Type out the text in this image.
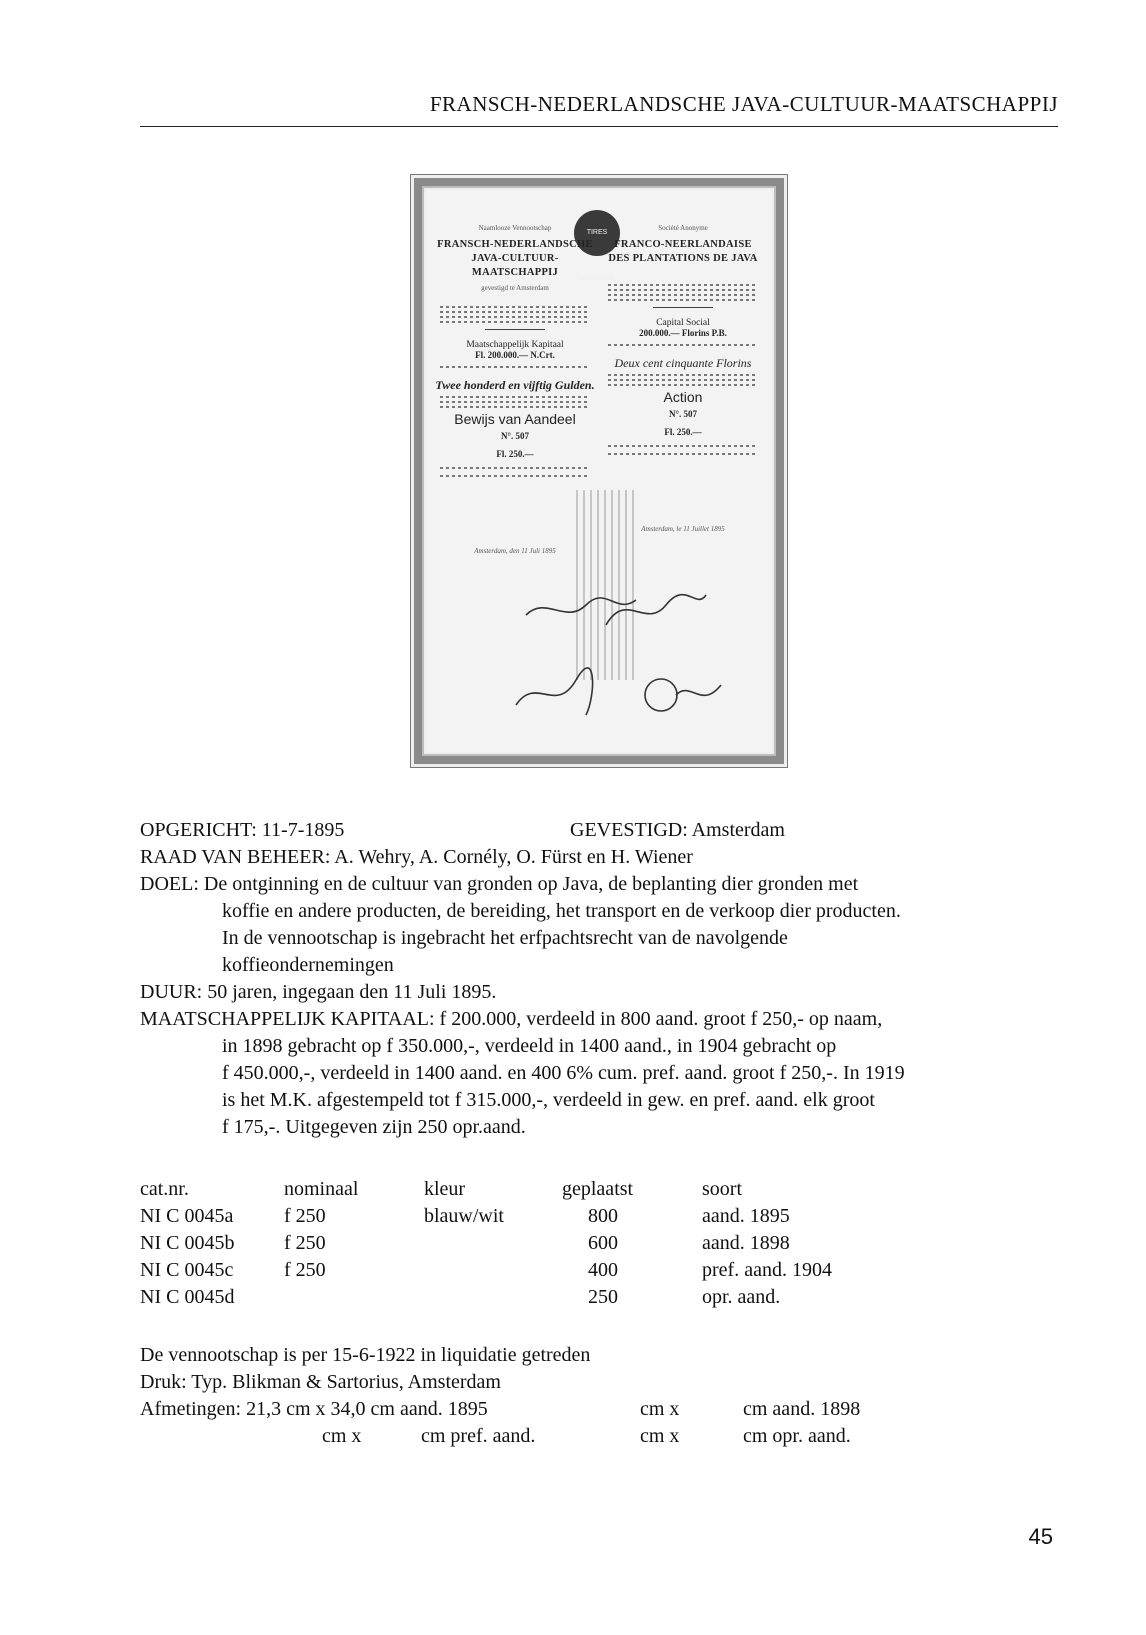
FRANSCH-NEDERLANDSCHE JAVA-CULTUUR-MAATSCHAPPIJ
TIRES ANNULES
Naamlooze Vennootschap
FRANSCH-NEDERLANDSCHE
JAVA-CULTUUR-MAATSCHAPPIJ
gevestigd te Amsterdam
Maatschappelijk Kapitaal
Fl. 200.000.— N.Crt.
Twee honderd en vijftig Gulden.
Bewijs van Aandeel
N°. 507
Fl. 250.—
Amsterdam, den 11 Juli 1895
Société Anonyme
FRANCO-NEERLANDAISE
DES PLANTATIONS DE JAVA
Capital Social
200.000.— Florins P.B.
Deux cent cinquante Florins
Action
N°. 507
Fl. 250.—
Amsterdam, le 11 Juillet 1895
OPGERICHT: 11-7-1895	GEVESTIGD: Amsterdam
RAAD VAN BEHEER: A. Wehry, A. Cornély, O. Fürst en H. Wiener
DOEL: De ontginning en de cultuur van gronden op Java, de beplanting dier gronden met
koffie en andere producten, de bereiding, het transport en de verkoop dier producten.
In de vennootschap is ingebracht het erfpachtsrecht van de navolgende
koffieondernemingen
DUUR: 50 jaren, ingegaan den 11 Juli 1895.
MAATSCHAPPELIJK KAPITAAL: f 200.000, verdeeld in 800 aand. groot f 250,- op naam,
in 1898 gebracht op f 350.000,-, verdeeld in 1400 aand., in 1904 gebracht op
f 450.000,-, verdeeld in 1400 aand. en 400 6% cum. pref. aand. groot f 250,-. In 1919
is het M.K. afgestempeld tot f 315.000,-, verdeeld in gew. en pref. aand. elk groot
f 175,-. Uitgegeven zijn 250 opr.aand.
cat.nr.	nominaal	kleur	geplaatst	soort
NI C 0045a	f 250	blauw/wit	800	aand. 1895
NI C 0045b	f 250		600	aand. 1898
NI C 0045c	f 250		400	pref. aand. 1904
NI C 0045d			250	opr. aand.
De vennootschap is per 15-6-1922 in liquidatie getreden
Druk: Typ. Blikman & Sartorius, Amsterdam
Afmetingen: 21,3 cm x 34,0 cm aand. 1895	cm x	cm aand. 1898
cm x	cm pref. aand.	cm x	cm opr. aand.
45
